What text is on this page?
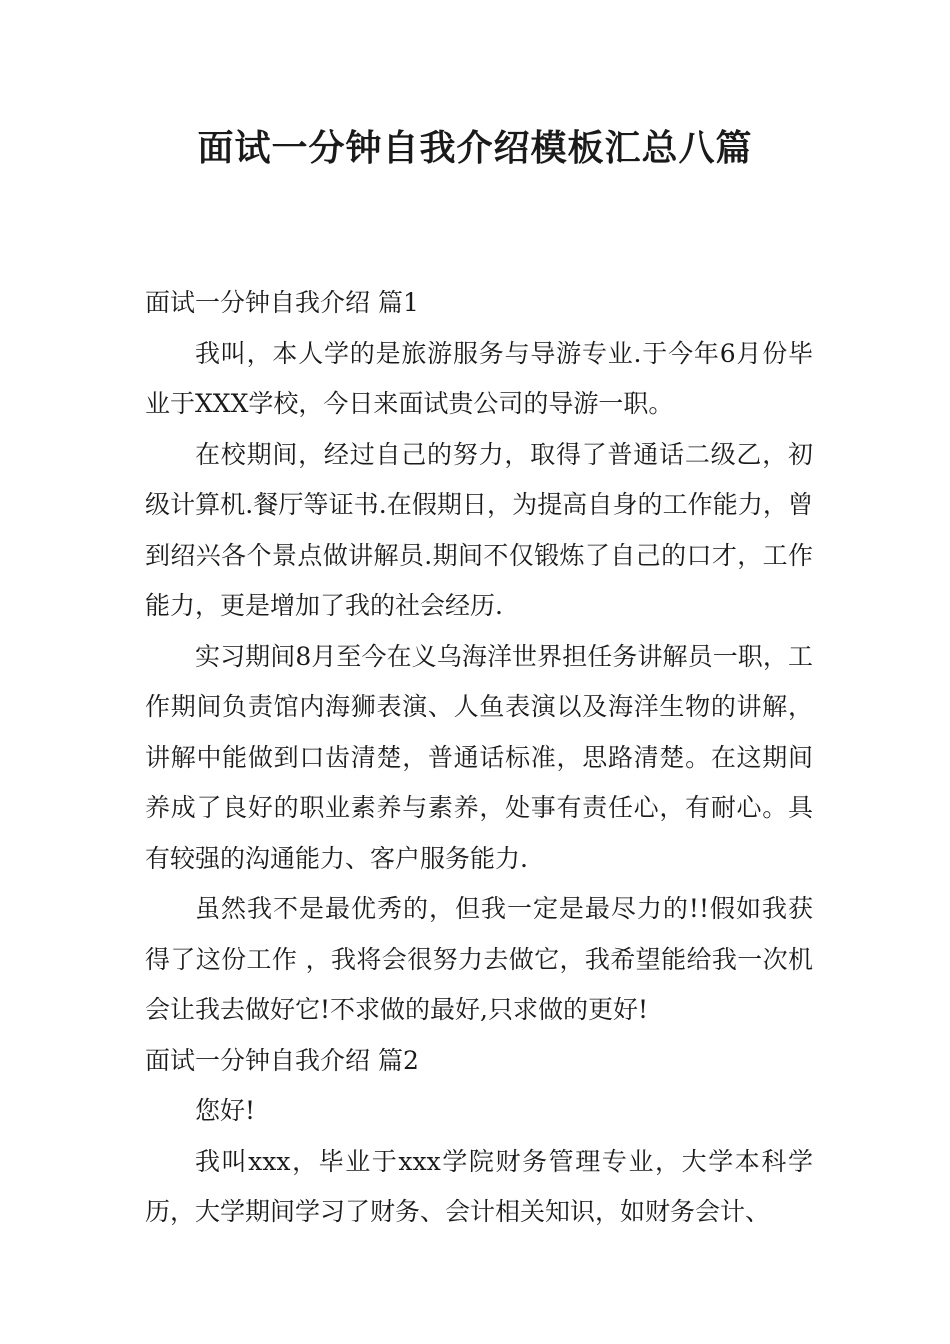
面试一分钟自我介绍模板汇总八篇
面试一分钟自我介绍 篇1

我叫，本人学的是旅游服务与导游专业.于今年6月份毕业于XXX学校，今日来面试贵公司的导游一职。

在校期间，经过自己的努力，取得了普通话二级乙，初级计算机.餐厅等证书.在假期日，为提高自身的工作能力，曾到绍兴各个景点做讲解员.期间不仅锻炼了自己的口才，工作能力，更是增加了我的社会经历.

实习期间8月至今在义乌海洋世界担任务讲解员一职，工作期间负责馆内海狮表演、人鱼表演以及海洋生物的讲解，讲解中能做到口齿清楚，普通话标准，思路清楚。在这期间养成了良好的职业素养与素养，处事有责任心，有耐心。具有较强的沟通能力、客户服务能力.

虽然我不是最优秀的，但我一定是最尽力的!!假如我获得了这份工作 ，我将会很努力去做它，我希望能给我一次机会让我去做好它!不求做的最好,只求做的更好!

面试一分钟自我介绍 篇2

您好!

我叫xxx，毕业于xxx学院财务管理专业，大学本科学历，大学期间学习了财务、会计相关知识，如财务会计、
